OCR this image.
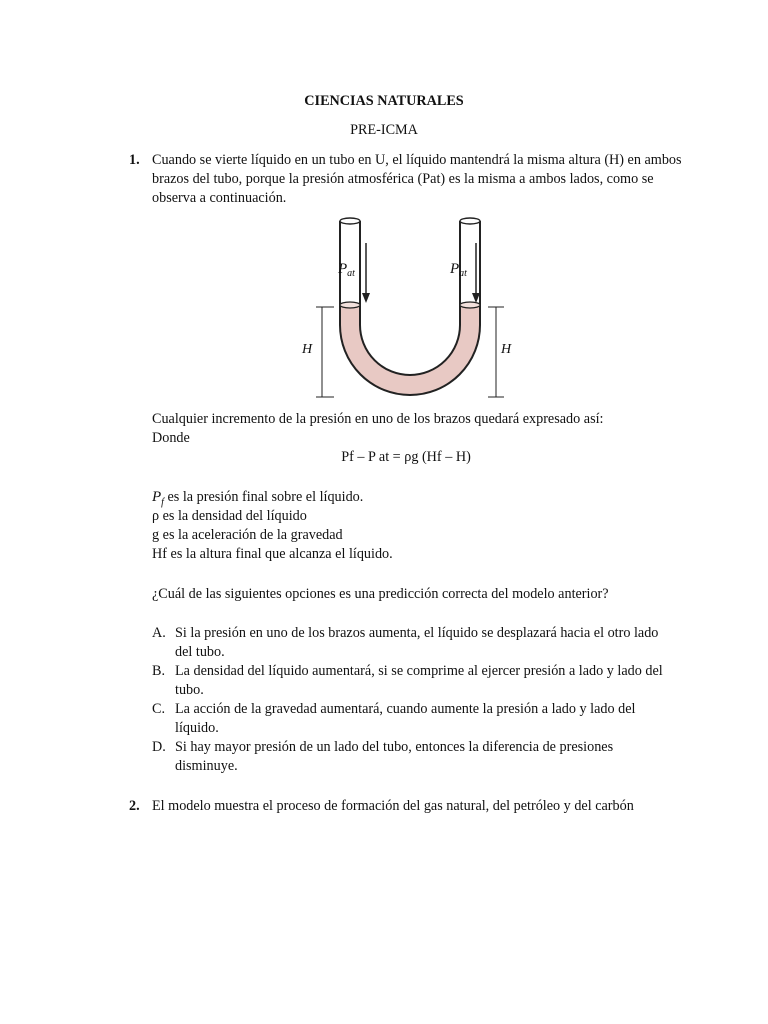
CIENCIAS NATURALES
PRE-ICMA
1. Cuando se vierte líquido en un tubo en U, el líquido mantendrá la misma altura (H) en ambos brazos del tubo, porque la presión atmosférica (Pat) es la misma a ambos lados, como se observa a continuación.
$P_{at}$	$P_{at}$
H	H
Cualquier incremento de la presión en uno de los brazos quedará expresado así:
Donde
Pf – P at = ρg (Hf – H)
$P_f$ es la presión final sobre el líquido.
ρ es la densidad del líquido
g es la aceleración de la gravedad
Hf es la altura final que alcanza el líquido.
¿Cuál de las siguientes opciones es una predicción correcta del modelo anterior?
A. Si la presión en uno de los brazos aumenta, el líquido se desplazará hacia el otro lado del tubo.
B. La densidad del líquido aumentará, si se comprime al ejercer presión a lado y lado del tubo.
C. La acción de la gravedad aumentará, cuando aumente la presión a lado y lado del líquido.
D. Si hay mayor presión de un lado del tubo, entonces la diferencia de presiones disminuye.
2. El modelo muestra el proceso de formación del gas natural, del petróleo y del carbón
